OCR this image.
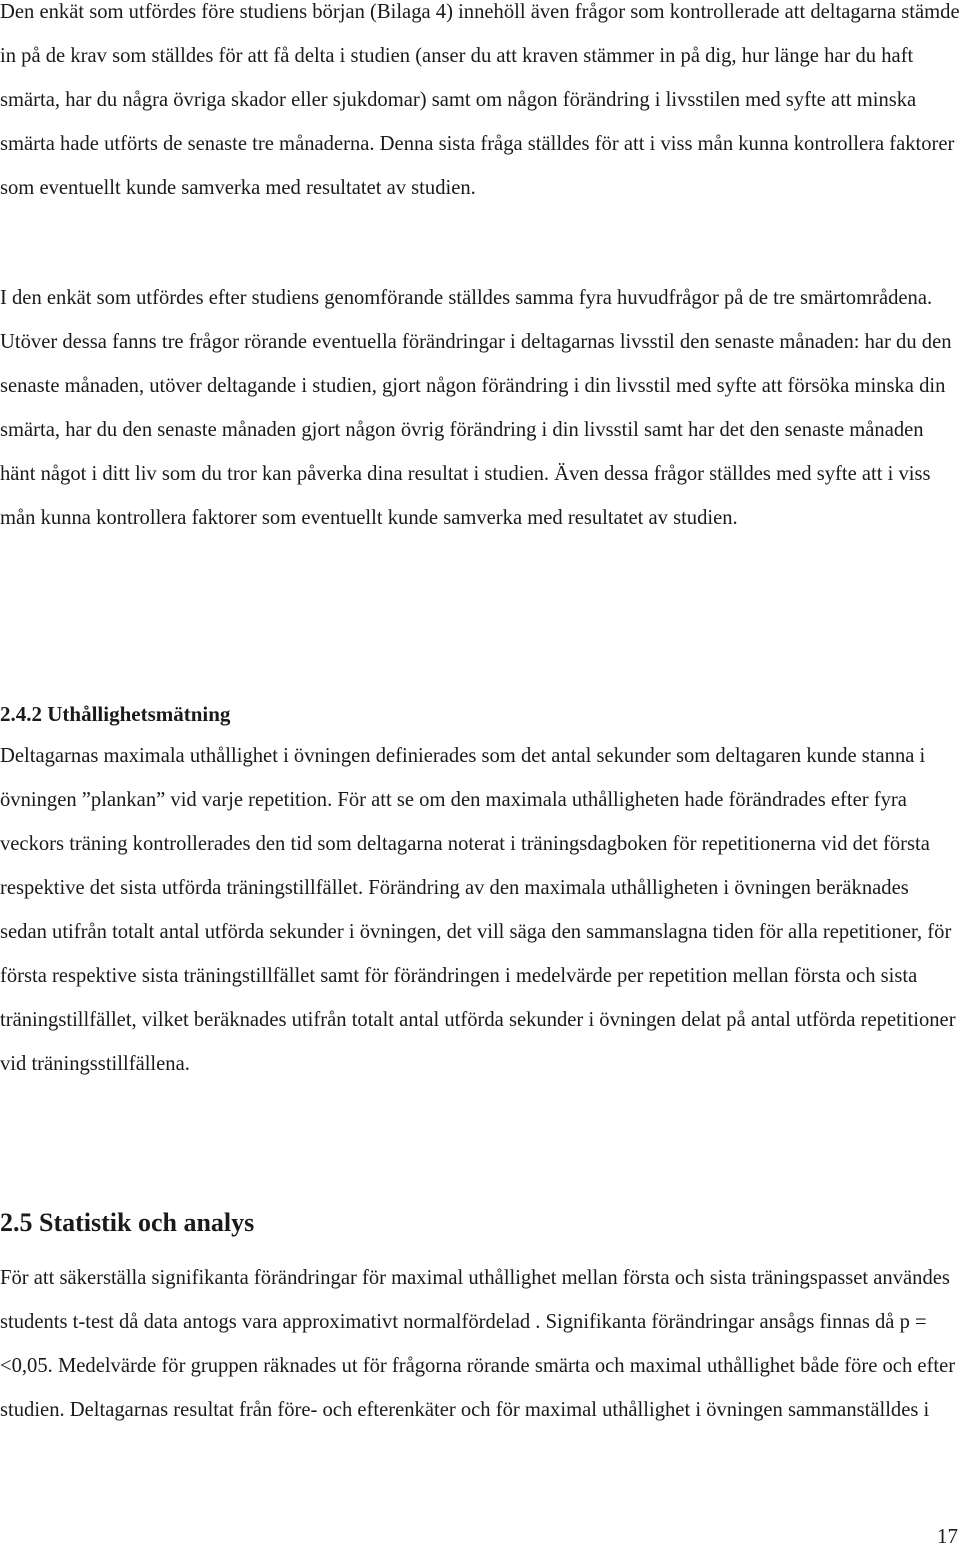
Den enkät som utfördes före studiens början (Bilaga 4) innehöll även frågor som kontrollerade att deltagarna stämde in på de krav som ställdes för att få delta i studien (anser du att kraven stämmer in på dig, hur länge har du haft smärta, har du några övriga skador eller sjukdomar) samt om någon förändring i livsstilen med syfte att minska smärta hade utförts de senaste tre månaderna. Denna sista fråga ställdes för att i viss mån kunna kontrollera faktorer som eventuellt kunde samverka med resultatet av studien.

I den enkät som utfördes efter studiens genomförande ställdes samma fyra huvudfrågor på de tre smärtområdena. Utöver dessa fanns tre frågor rörande eventuella förändringar i deltagarnas livsstil den senaste månaden: har du den senaste månaden, utöver deltagande i studien, gjort någon förändring i din livsstil med syfte att försöka minska din smärta, har du den senaste månaden gjort någon övrig förändring i din livsstil samt har det den senaste månaden hänt något i ditt liv som du tror kan påverka dina resultat i studien. Även dessa frågor ställdes med syfte att i viss mån kunna kontrollera faktorer som eventuellt kunde samverka med resultatet av studien.

2.4.2 Uthållighetsmätning

Deltagarnas maximala uthållighet i övningen definierades som det antal sekunder som deltagaren kunde stanna i övningen ”plankan” vid varje repetition. För att se om den maximala uthålligheten hade förändrades efter fyra veckors träning kontrollerades den tid som deltagarna noterat i träningsdagboken för repetitionerna vid det första respektive det sista utförda träningstillfället. Förändring av den maximala uthålligheten i övningen beräknades sedan utifrån totalt antal utförda sekunder i övningen, det vill säga den sammanslagna tiden för alla repetitioner, för första respektive sista träningstillfället samt för förändringen i medelvärde per repetition mellan första och sista träningstillfället, vilket beräknades utifrån totalt antal utförda sekunder i övningen delat på antal utförda repetitioner vid träningsstillfällena.

2.5 Statistik och analys

För att säkerställa signifikanta förändringar för maximal uthållighet mellan första och sista träningspasset användes students t-test då data antogs vara approximativt normalfördelad . Signifikanta förändringar ansågs finnas då p = <0,05. Medelvärde för gruppen räknades ut för frågorna rörande smärta och maximal uthållighet både före och efter studien. Deltagarnas resultat från före- och efterenkäter och för maximal uthållighet i övningen sammanställdes i

17
